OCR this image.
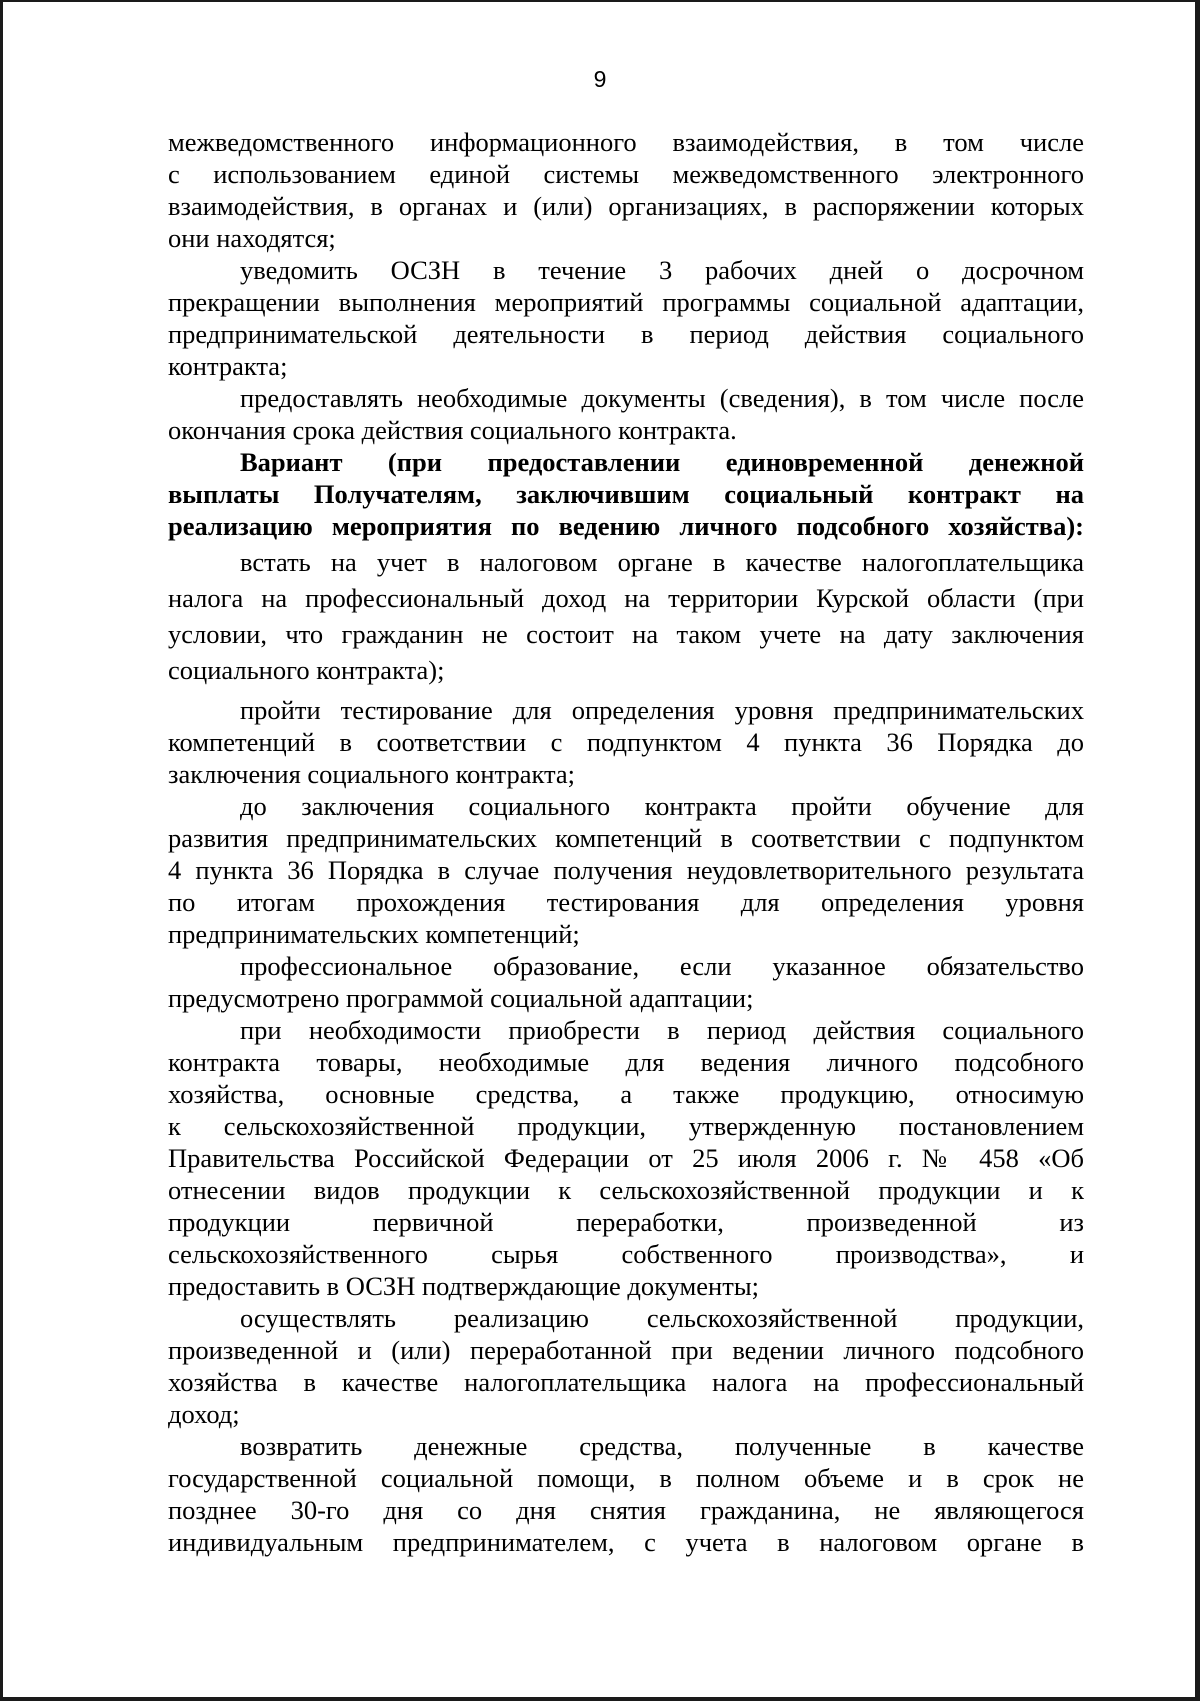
9
межведомственного информационного взаимодействия, в том числе
с использованием единой системы межведомственного электронного
взаимодействия, в органах и (или) организациях, в распоряжении которых
они находятся;
уведомить ОСЗН в течение 3 рабочих дней о досрочном
прекращении выполнения мероприятий программы социальной адаптации,
предпринимательской деятельности в период действия социального
контракта;
предоставлять необходимые документы (сведения), в том числе после
окончания срока действия социального контракта.
Вариант (при предоставлении единовременной денежной
выплаты Получателям, заключившим социальный контракт на
реализацию мероприятия по ведению личного подсобного хозяйства):
встать на учет в налоговом органе в качестве налогоплательщика
налога на профессиональный доход на территории Курской области (при
условии, что гражданин не состоит на таком учете на дату заключения
социального контракта);
пройти тестирование для определения уровня предпринимательских
компетенций в соответствии с подпунктом 4 пункта 36 Порядка до
заключения социального контракта;
до заключения социального контракта пройти обучение для
развития предпринимательских компетенций в соответствии с подпунктом
4 пункта 36 Порядка в случае получения неудовлетворительного результата
по итогам прохождения тестирования для определения уровня
предпринимательских компетенций;
профессиональное образование, если указанное обязательство
предусмотрено программой социальной адаптации;
при необходимости приобрести в период действия социального
контракта товары, необходимые для ведения личного подсобного
хозяйства, основные средства, а также продукцию, относимую
к сельскохозяйственной продукции, утвержденную постановлением
Правительства Российской Федерации от 25 июля 2006 г. № 458 «Об
отнесении видов продукции к сельскохозяйственной продукции и к
продукции первичной переработки, произведенной из
сельскохозяйственного сырья собственного производства», и
предоставить в ОСЗН подтверждающие документы;
осуществлять реализацию сельскохозяйственной продукции,
произведенной и (или) переработанной при ведении личного подсобного
хозяйства в качестве налогоплательщика налога на профессиональный
доход;
возвратить денежные средства, полученные в качестве
государственной социальной помощи, в полном объеме и в срок не
позднее 30-го дня со дня снятия гражданина, не являющегося
индивидуальным предпринимателем, с учета в налоговом органе в
